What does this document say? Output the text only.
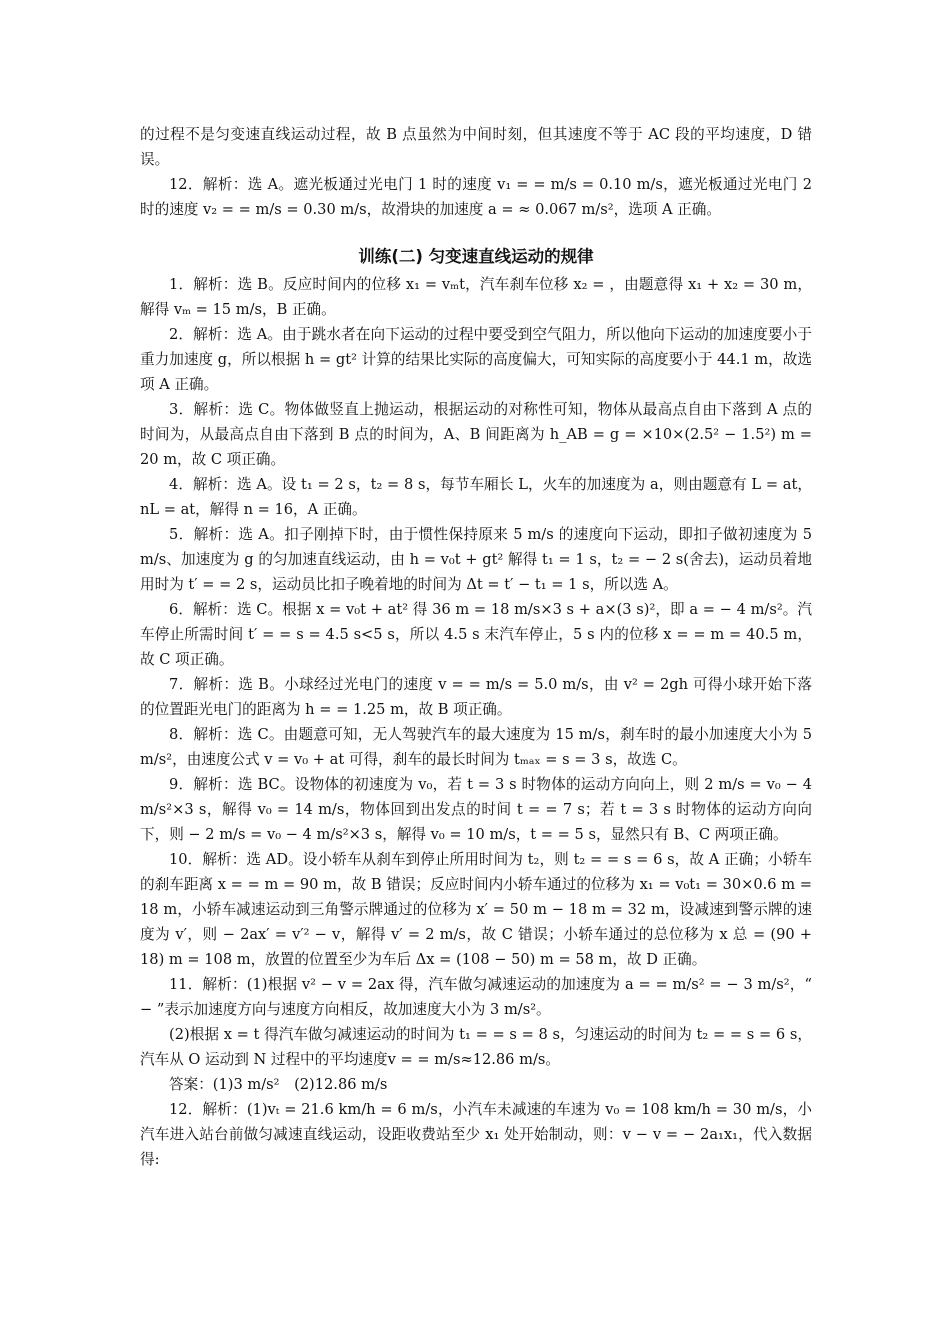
的过程不是匀变速直线运动过程，故 B 点虽然为中间时刻，但其速度不等于 AC 段的平均速度，D 错误。

12．解析：选 A。遮光板通过光电门 1 时的速度 v₁ = = m/s = 0.10 m/s，遮光板通过光电门 2 时的速度 v₂ = = m/s = 0.30 m/s，故滑块的加速度 a = ≈ 0.067 m/s²，选项 A 正确。

训练(二) 匀变速直线运动的规律

1．解析：选 B。反应时间内的位移 x₁ = vₘt，汽车刹车位移 x₂ = ，由题意得 x₁ + x₂ = 30 m，解得 vₘ = 15 m/s，B 正确。

2．解析：选 A。由于跳水者在向下运动的过程中要受到空气阻力，所以他向下运动的加速度要小于重力加速度 g，所以根据 h = gt² 计算的结果比实际的高度偏大，可知实际的高度要小于 44.1 m，故选项 A 正确。

3．解析：选 C。物体做竖直上抛运动，根据运动的对称性可知，物体从最高点自由下落到 A 点的时间为，从最高点自由下落到 B 点的时间为，A、B 间距离为 h_AB = g = ×10×(2.5² − 1.5²) m = 20 m，故 C 项正确。

4．解析：选 A。设 t₁ = 2 s，t₂ = 8 s，每节车厢长 L，火车的加速度为 a，则由题意有 L = at，nL = at，解得 n = 16，A 正确。

5．解析：选 A。扣子刚掉下时，由于惯性保持原来 5 m/s 的速度向下运动，即扣子做初速度为 5 m/s、加速度为 g 的匀加速直线运动，由 h = v₀t + gt² 解得 t₁ = 1 s，t₂ = − 2 s(舍去)，运动员着地用时为 t′ = = 2 s，运动员比扣子晚着地的时间为 Δt = t′ − t₁ = 1 s，所以选 A。

6．解析：选 C。根据 x = v₀t + at² 得 36 m = 18 m/s×3 s + a×(3 s)²，即 a = − 4 m/s²。汽车停止所需时间 t′ = = s = 4.5 s<5 s，所以 4.5 s 末汽车停止，5 s 内的位移 x = = m = 40.5 m，故 C 项正确。

7．解析：选 B。小球经过光电门的速度 v = = m/s = 5.0 m/s，由 v² = 2gh 可得小球开始下落的位置距光电门的距离为 h = = 1.25 m，故 B 项正确。

8．解析：选 C。由题意可知，无人驾驶汽车的最大速度为 15 m/s，刹车时的最小加速度大小为 5 m/s²，由速度公式 v = v₀ + at 可得，刹车的最长时间为 tₘₐₓ = s = 3 s，故选 C。

9．解析：选 BC。设物体的初速度为 v₀，若 t = 3 s 时物体的运动方向向上，则 2 m/s = v₀ − 4 m/s²×3 s，解得 v₀ = 14 m/s，物体回到出发点的时间 t = = 7 s；若 t = 3 s 时物体的运动方向向下，则 − 2 m/s = v₀ − 4 m/s²×3 s，解得 v₀ = 10 m/s，t = = 5 s，显然只有 B、C 两项正确。

10．解析：选 AD。设小轿车从刹车到停止所用时间为 t₂，则 t₂ = = s = 6 s，故 A 正确；小轿车的刹车距离 x = = m = 90 m，故 B 错误；反应时间内小轿车通过的位移为 x₁ = v₀t₁ = 30×0.6 m = 18 m，小轿车减速运动到三角警示牌通过的位移为 x′ = 50 m − 18 m = 32 m，设减速到警示牌的速度为 v′，则 − 2ax′ = v′² − v，解得 v′ = 2 m/s，故 C 错误；小轿车通过的总位移为 x 总 = (90 + 18) m = 108 m，放置的位置至少为车后 Δx = (108 − 50) m = 58 m，故 D 正确。

11．解析：(1)根据 v² − v = 2ax 得，汽车做匀减速运动的加速度为 a = = m/s² = − 3 m/s²，“ − ”表示加速度方向与速度方向相反，故加速度大小为 3 m/s²。

(2)根据 x = t 得汽车做匀减速运动的时间为 t₁ = = s = 8 s，匀速运动的时间为 t₂ = = s = 6 s，汽车从 O 运动到 N 过程中的平均速度v = = m/s≈12.86 m/s。

答案：(1)3 m/s²　(2)12.86 m/s

12．解析：(1)vₜ = 21.6 km/h = 6 m/s，小汽车未减速的车速为 v₀ = 108 km/h = 30 m/s，小汽车进入站台前做匀减速直线运动，设距收费站至少 x₁ 处开始制动，则：v − v = − 2a₁x₁，代入数据得:
